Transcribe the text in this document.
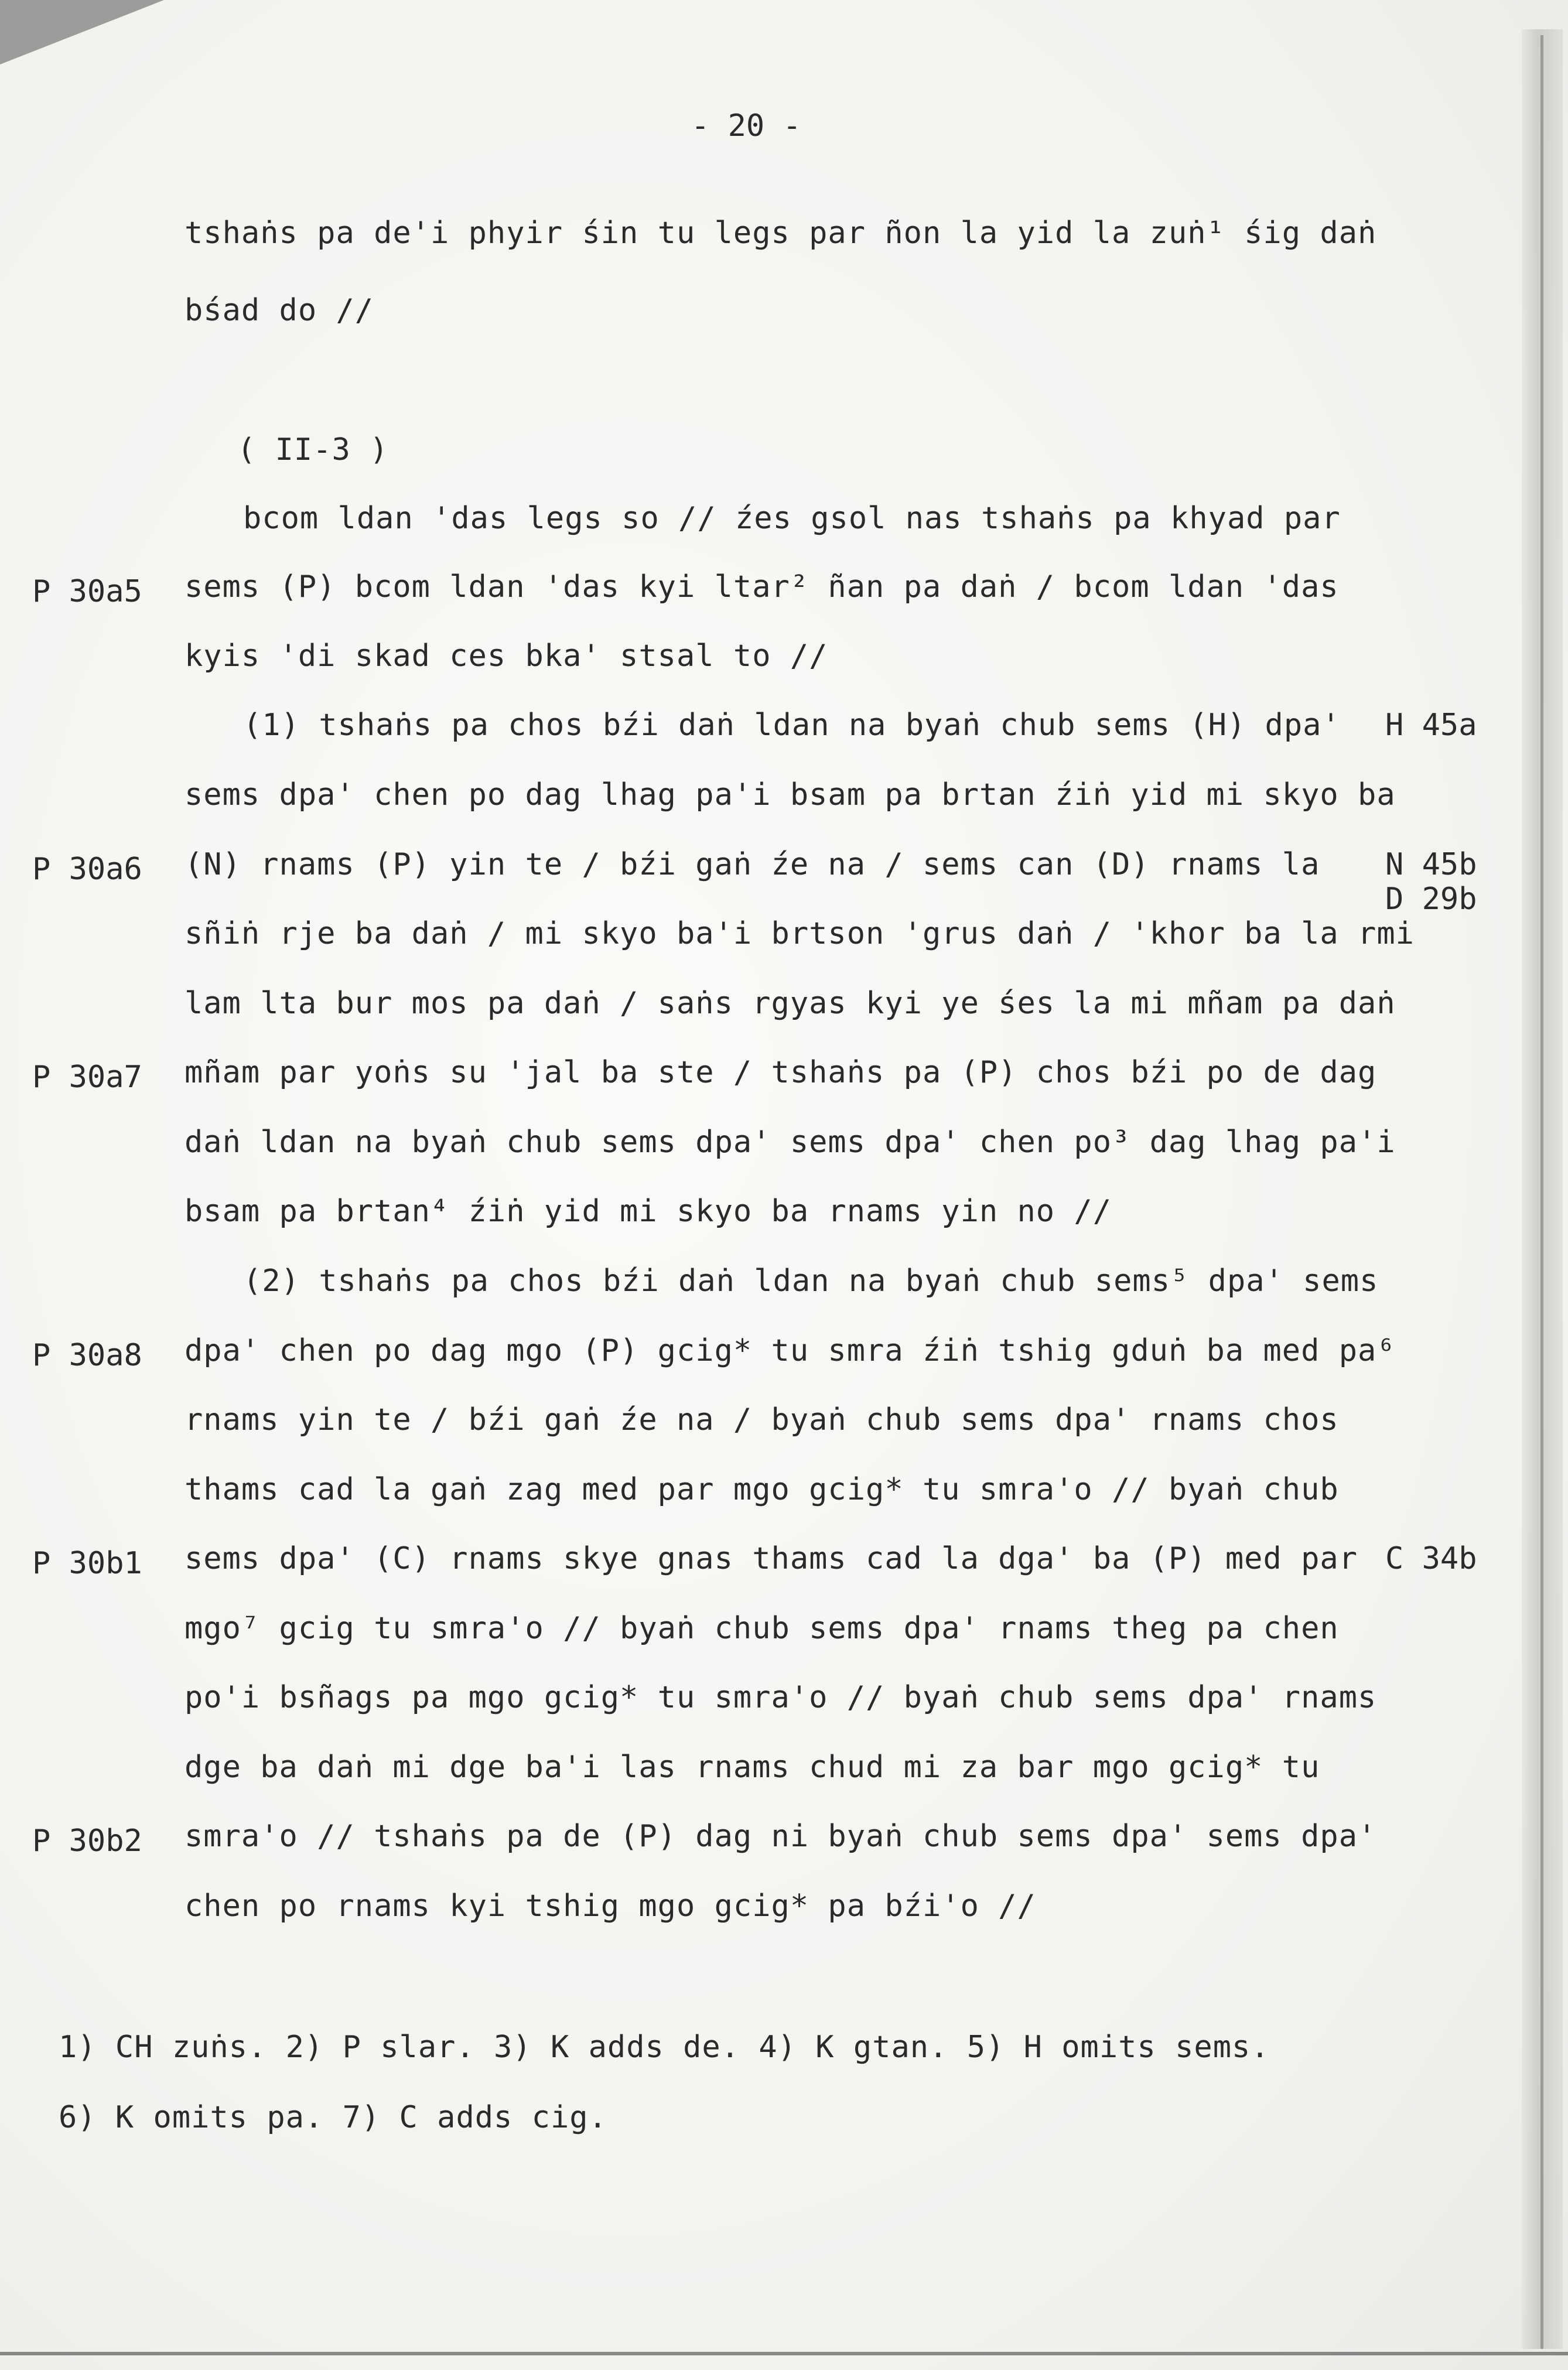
- 20 -
tshaṅs pa de'i phyir śin tu legs par ñon la yid la zuṅ¹ śig daṅ
bśad do //
( II-3 )
bcom ldan 'das legs so // źes gsol nas tshaṅs pa khyad par
sems (P) bcom ldan 'das kyi ltar² ñan pa daṅ / bcom ldan 'das
kyis 'di skad ces bka' stsal to //
(1) tshaṅs pa chos bźi daṅ ldan na byaṅ chub sems (H) dpa'
sems dpa' chen po dag lhag pa'i bsam pa brtan źiṅ yid mi skyo ba
(N) rnams (P) yin te / bźi gaṅ źe na / sems can (D) rnams la
sñiṅ rje ba daṅ / mi skyo ba'i brtson 'grus daṅ / 'khor ba la rmi
lam lta bur mos pa daṅ / saṅs rgyas kyi ye śes la mi mñam pa daṅ
mñam par yoṅs su 'jal ba ste / tshaṅs pa (P) chos bźi po de dag
daṅ ldan na byaṅ chub sems dpa' sems dpa' chen po³ dag lhag pa'i
bsam pa brtan⁴ źiṅ yid mi skyo ba rnams yin no //
(2) tshaṅs pa chos bźi daṅ ldan na byaṅ chub sems⁵ dpa' sems
dpa' chen po dag mgo (P) gcig* tu smra źiṅ tshig gduṅ ba med pa⁶
rnams yin te / bźi gaṅ źe na / byaṅ chub sems dpa' rnams chos
thams cad la gaṅ zag med par mgo gcig* tu smra'o // byaṅ chub
sems dpa' (C) rnams skye gnas thams cad la dga' ba (P) med par
mgo⁷ gcig tu smra'o // byaṅ chub sems dpa' rnams theg pa chen
po'i bsñags pa mgo gcig* tu smra'o // byaṅ chub sems dpa' rnams
dge ba daṅ mi dge ba'i las rnams chud mi za bar mgo gcig* tu
smra'o // tshaṅs pa de (P) dag ni byaṅ chub sems dpa' sems dpa'
chen po rnams kyi tshig mgo gcig* pa bźi'o //
P 30a5
P 30a6
P 30a7
P 30a8
P 30b1
P 30b2
H 45a
N 45b
D 29b
C 34b
1) CH zuṅs. 2) P slar. 3) K adds de. 4) K gtan. 5) H omits sems.
6) K omits pa. 7) C adds cig.
